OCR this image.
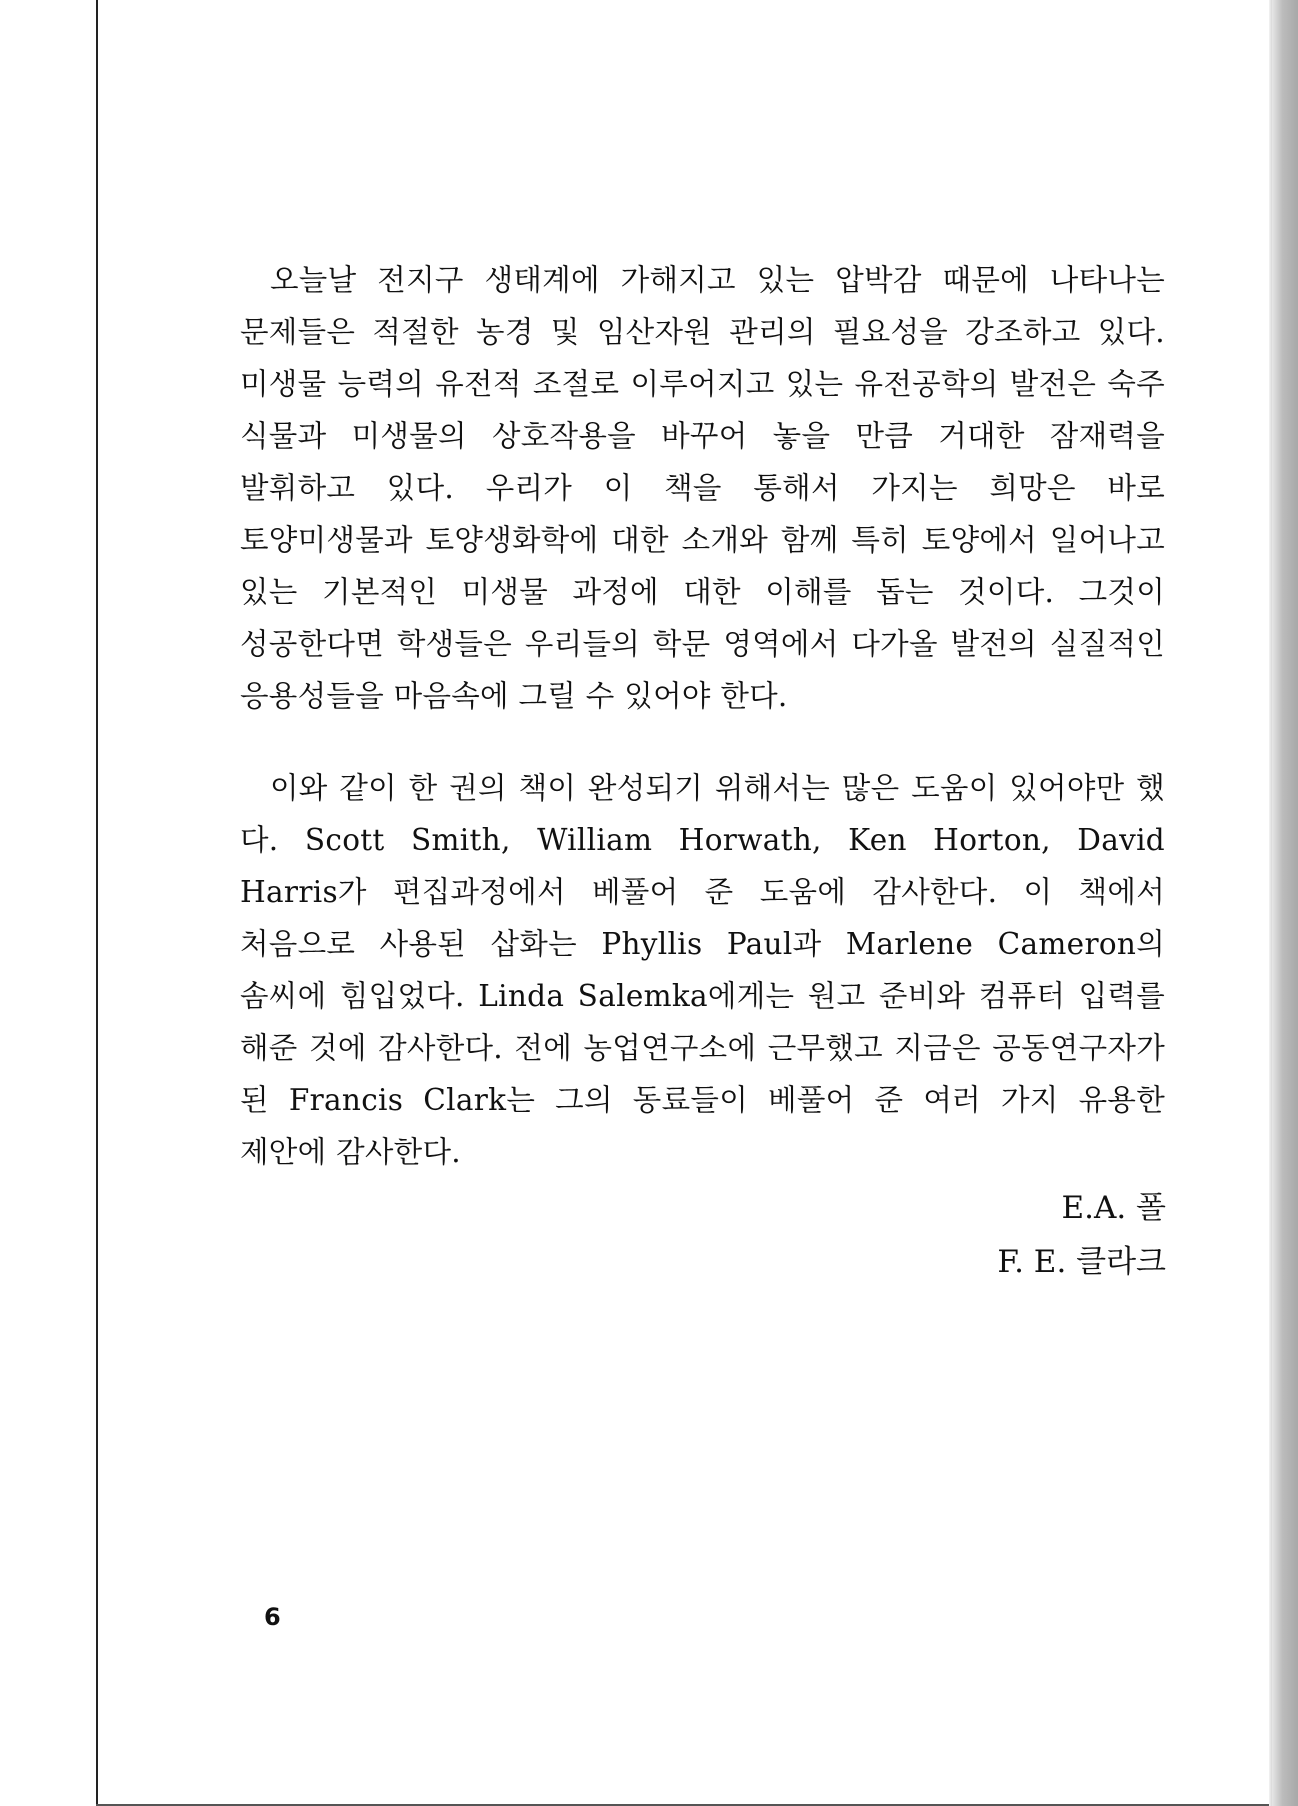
오늘날 전지구 생태계에 가해지고 있는 압박감 때문에 나타나는 문제들은 적절한 농경 및 임산자원 관리의 필요성을 강조하고 있다. 미생물 능력의 유전적 조절로 이루어지고 있는 유전공학의 발전은 숙주 식물과 미생물의 상호작용을 바꾸어 놓을 만큼 거대한 잠재력을 발휘하고 있다. 우리가 이 책을 통해서 가지는 희망은 바로 토양미생물과 토양생화학에 대한 소개와 함께 특히 토양에서 일어나고 있는 기본적인 미생물 과정에 대한 이해를 돕는 것이다. 그것이 성공한다면 학생들은 우리들의 학문 영역에서 다가올 발전의 실질적인 응용성들을 마음속에 그릴 수 있어야 한다.

이와 같이 한 권의 책이 완성되기 위해서는 많은 도움이 있어야만 했 다. Scott Smith, William Horwath, Ken Horton, David Harris가 편집과정에서 베풀어 준 도움에 감사한다. 이 책에서 처음으로 사용된 삽화는 Phyllis Paul과 Marlene Cameron의 솜씨에 힘입었다. Linda Salemka에게는 원고 준비와 컴퓨터 입력를 해준 것에 감사한다. 전에 농업연구소에 근무했고 지금은 공동연구자가 된 Francis Clark는 그의 동료들이 베풀어 준 여러 가지 유용한 제안에 감사한다.

E.A. 폴
F. E. 클라크
6
